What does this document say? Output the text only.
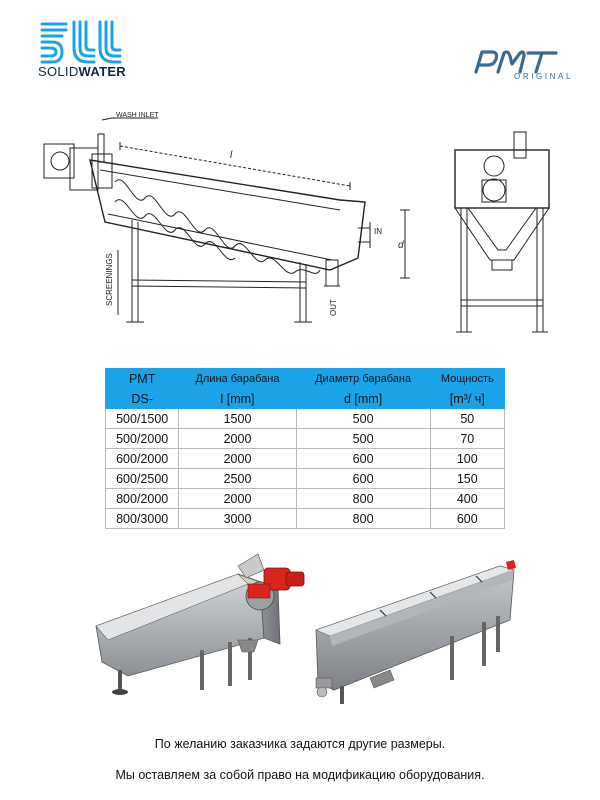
SOLIDWATER	ORIGINAL
WASH INLET
l
d
IN
OUT
SCREENINGS
PMT	Длина барабана	Диаметр барабана	Мощность
DS-	l [mm]	d [mm]	[m³/ ч]
500/1500	1500	500	50
500/2000	2000	500	70
600/2000	2000	600	100
600/2500	2500	600	150
800/2000	2000	800	400
800/3000	3000	800	600
По желанию заказчика задаются другие размеры.
Мы оставляем за собой право на модификацию оборудования.
